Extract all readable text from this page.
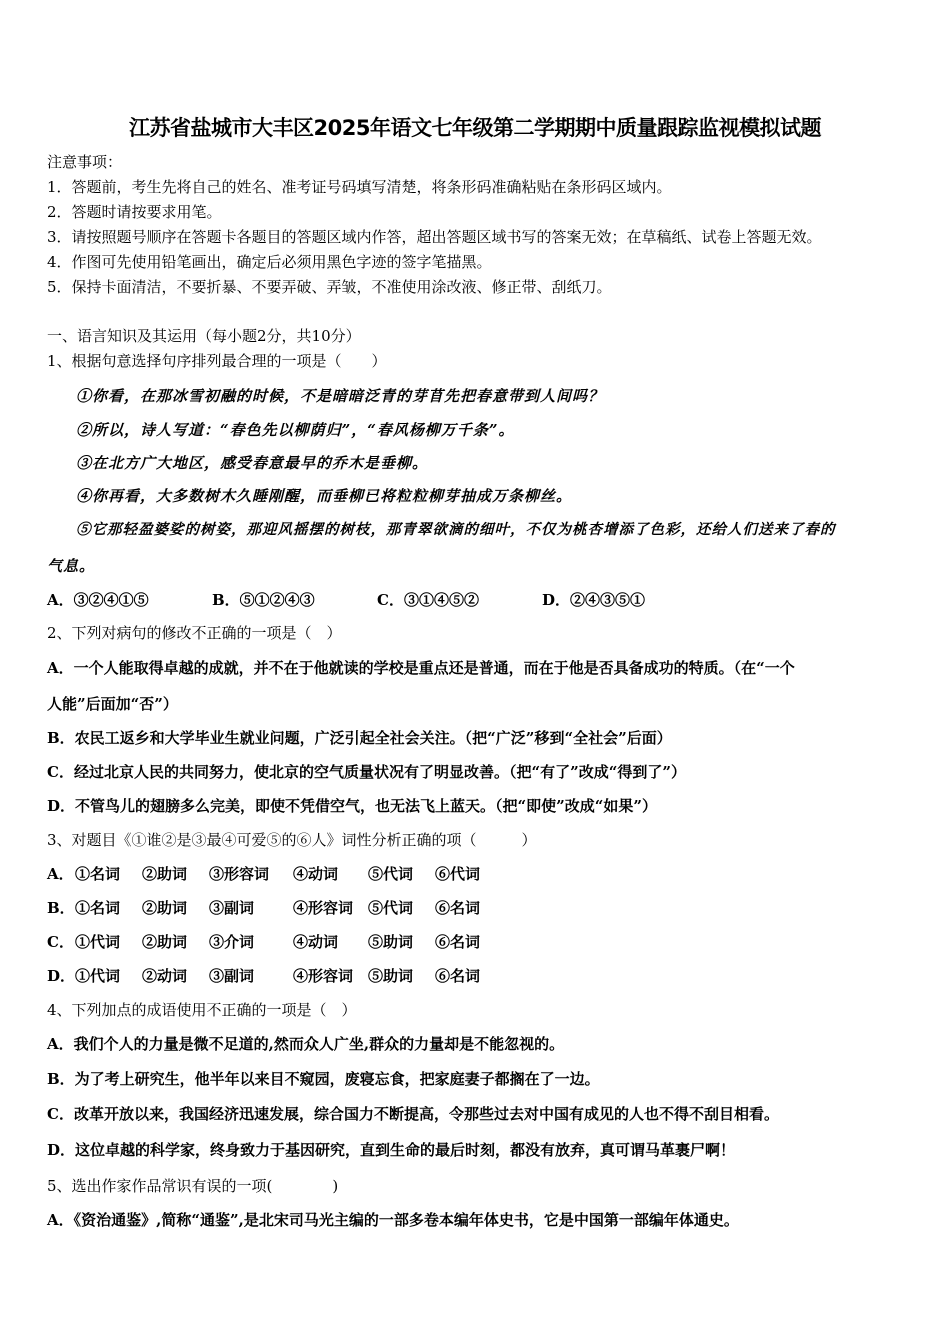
江苏省盐城市大丰区2025年语文七年级第二学期期中质量跟踪监视模拟试题
注意事项：
1．答题前，考生先将自己的姓名、准考证号码填写清楚，将条形码准确粘贴在条形码区域内。
2．答题时请按要求用笔。
3．请按照题号顺序在答题卡各题目的答题区域内作答，超出答题区域书写的答案无效；在草稿纸、试卷上答题无效。
4．作图可先使用铅笔画出，确定后必须用黑色字迹的签字笔描黑。
5．保持卡面清洁，不要折暴、不要弄破、弄皱，不准使用涂改液、修正带、刮纸刀。
一、语言知识及其运用（每小题2分，共10分）
1、根据句意选择句序排列最合理的一项是（　　）
①你看，在那冰雪初融的时候，不是暗暗泛青的芽苜先把春意带到人间吗？
②所以，诗人写道：“春色先以柳荫归”，“春风杨柳万千条”。
③在北方广大地区，感受春意最早的乔木是垂柳。
④你再看，大多数树木久睡刚醒，而垂柳已将粒粒柳芽抽成万条柳丝。
⑤它那轻盈婆娑的树姿，那迎风摇摆的树枝，那青翠欲滴的细叶，不仅为桃杏增添了色彩，还给人们送来了春的
气息。
A．③②④①⑤	B．⑤①②④③	C．③①④⑤②	D．②④③⑤①
2、下列对病句的修改不正确的一项是（　）
A．一个人能取得卓越的成就，并不在于他就读的学校是重点还是普通，而在于他是否具备成功的特质。（在“一个
人能”后面加“否”）
B．农民工返乡和大学毕业生就业问题，广泛引起全社会关注。（把“广泛”移到“全社会”后面）
C．经过北京人民的共同努力，使北京的空气质量状况有了明显改善。（把“有了”改成“得到了”）
D．不管鸟儿的翅膀多么完美，即使不凭借空气，也无法飞上蓝天。（把“即使”改成“如果”）
3、对题目《①谁②是③最④可爱⑤的⑥人》词性分析正确的项（　　　）
A．①名词 ②助词 ③形容词 ④动词 ⑤代词 ⑥代词
B．①名词 ②助词 ③副词	④形容词 ⑤代词 ⑥名词
C．①代词 ②助词 ③介词	④动词 ⑤助词 ⑥名词
D．①代词 ②动词 ③副词	④形容词 ⑤助词 ⑥名词
4、下列加点的成语使用不正确的一项是（　）
A．我们个人的力量是微不足道的,然而众人广坐,群众的力量却是不能忽视的。
B．为了考上研究生，他半年以来目不窥园，废寝忘食，把家庭妻子都搁在了一边。
C．改革开放以来，我国经济迅速发展，综合国力不断提高，令那些过去对中国有成见的人也不得不刮目相看。
D．这位卓越的科学家，终身致力于基因研究，直到生命的最后时刻，都没有放弃，真可谓马革裹尸啊！
5、选出作家作品常识有误的一项(　　　　)
A．《资治通鉴》,简称“通鉴”,是北宋司马光主编的一部多卷本编年体史书，它是中国第一部编年体通史。
